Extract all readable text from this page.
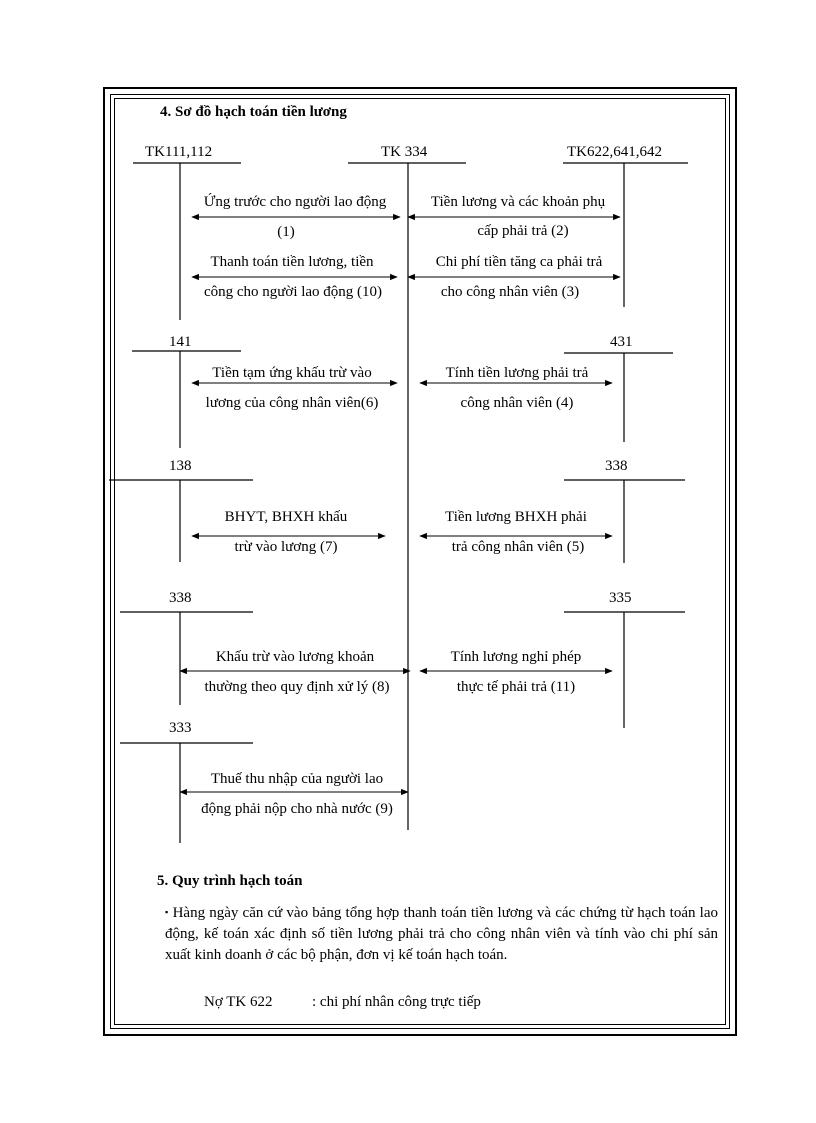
4. Sơ đồ hạch toán tiền lương
TK111,112	TK 334	TK622,641,642
141	431
138	338
338	335
333
Ứng trước cho người lao động
(1)
Tiền lương và các khoản phụ
cấp phải trả (2)
Thanh toán tiền lương, tiền
công cho người lao động (10)
Chi phí tiền tăng ca phải trả
cho công nhân viên (3)
Tiền tạm ứng khấu trừ vào
lương của công nhân viên(6)
Tính tiền lương phải trả
công nhân viên (4)
BHYT, BHXH khấu
trừ vào lương (7)
Tiền lương BHXH phải
trả công nhân viên (5)
Khấu trừ vào lương khoản
thường theo quy định xử lý (8)
Tính lương nghỉ phép
thực tế phải trả (11)
Thuế thu nhập của người lao
động phải nộp cho nhà nước (9)
5. Quy trình hạch toán
▪ Hàng ngày căn cứ vào bảng tổng hợp thanh toán tiền lương và các chứng từ hạch toán lao động, kế toán xác định số tiền lương phải trả cho công nhân viên và tính vào chi phí sản xuất kinh doanh ở các bộ phận, đơn vị kế toán hạch toán.
Nợ TK 622	: chi phí nhân công trực tiếp
